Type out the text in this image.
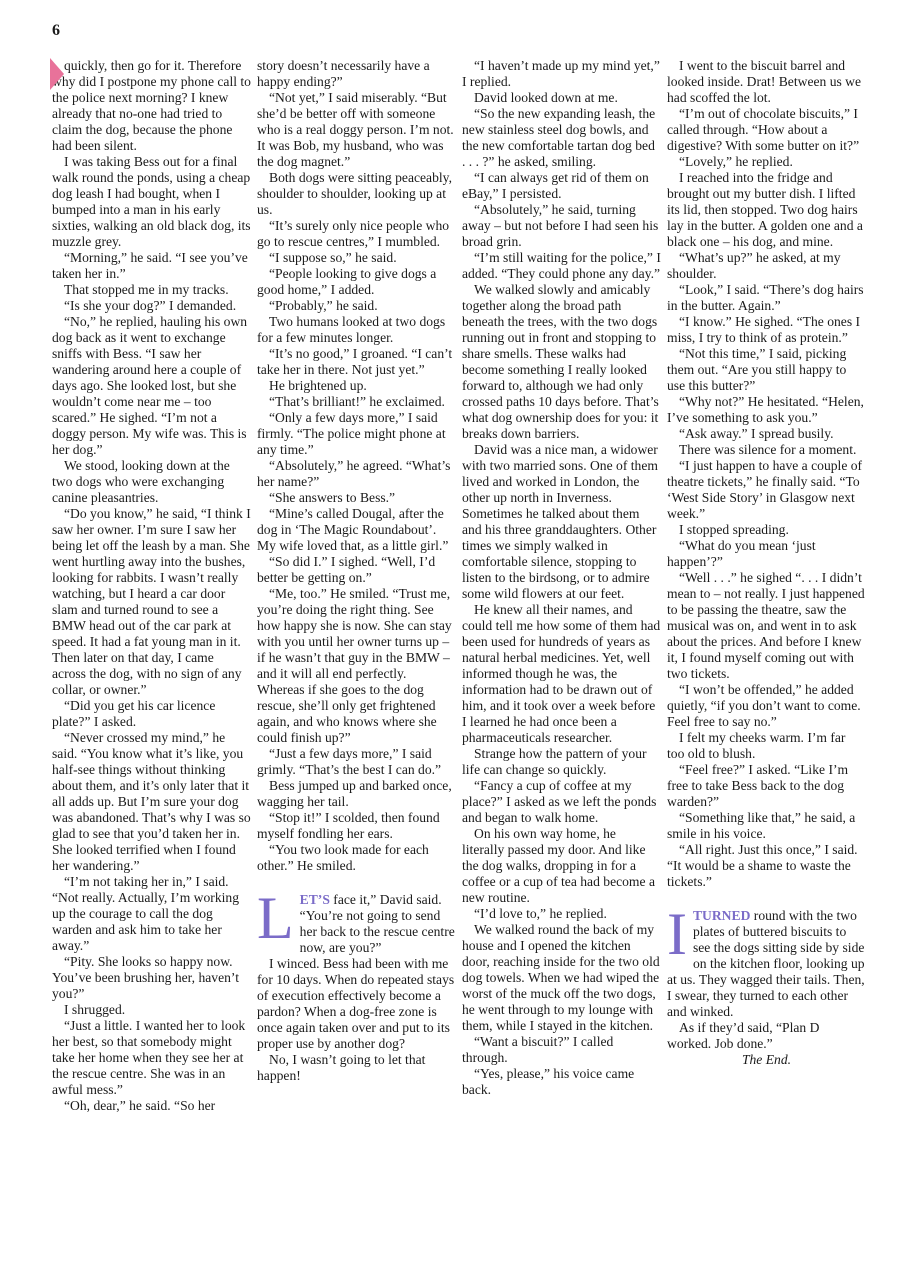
6

quickly, then go for it. Therefore why did I postpone my phone call to the police next morning? I knew already that no-one had tried to claim the dog, because the phone had been silent.

I was taking Bess out for a final walk round the ponds, using a cheap dog leash I had bought, when I bumped into a man in his early sixties, walking an old black dog, its muzzle grey.

“Morning,” he said. “I see you’ve taken her in.”

That stopped me in my tracks.

“Is she your dog?” I demanded.

“No,” he replied, hauling his own dog back as it went to exchange sniffs with Bess. “I saw her wandering around here a couple of days ago. She looked lost, but she wouldn’t come near me – too scared.” He sighed. “I’m not a doggy person. My wife was. This is her dog.”

We stood, looking down at the two dogs who were exchanging canine pleasantries.

“Do you know,” he said, “I think I saw her owner. I’m sure I saw her being let off the leash by a man. She went hurtling away into the bushes, looking for rabbits. I wasn’t really watching, but I heard a car door slam and turned round to see a BMW head out of the car park at speed. It had a fat young man in it. Then later on that day, I came across the dog, with no sign of any collar, or owner.”

“Did you get his car licence plate?” I asked.

“Never crossed my mind,” he said. “You know what it’s like, you half-see things without thinking about them, and it’s only later that it all adds up. But I’m sure your dog was abandoned. That’s why I was so glad to see that you’d taken her in. She looked terrified when I found her wandering.”

“I’m not taking her in,” I said. “Not really. Actually, I’m working up the courage to call the dog warden and ask him to take her away.”

“Pity. She looks so happy now. You’ve been brushing her, haven’t you?”

I shrugged.

“Just a little. I wanted her to look her best, so that somebody might take her home when they see her at the rescue centre. She was in an awful mess.”

“Oh, dear,” he said. “So her

story doesn’t necessarily have a happy ending?”

“Not yet,” I said miserably. “But she’d be better off with someone who is a real doggy person. I’m not. It was Bob, my husband, who was the dog magnet.”

Both dogs were sitting peaceably, shoulder to shoulder, looking up at us.

“It’s surely only nice people who go to rescue centres,” I mumbled.

“I suppose so,” he said.

“People looking to give dogs a good home,” I added.

“Probably,” he said.

Two humans looked at two dogs for a few minutes longer.

“It’s no good,” I groaned. “I can’t take her in there. Not just yet.”

He brightened up.

“That’s brilliant!” he exclaimed.

“Only a few days more,” I said firmly. “The police might phone at any time.”

“Absolutely,” he agreed. “What’s her name?”

“She answers to Bess.”

“Mine’s called Dougal, after the dog in ‘The Magic Roundabout’. My wife loved that, as a little girl.”

“So did I.” I sighed. “Well, I’d better be getting on.”

“Me, too.” He smiled. “Trust me, you’re doing the right thing. See how happy she is now. She can stay with you until her owner turns up – if he wasn’t that guy in the BMW – and it will all end perfectly. Whereas if she goes to the dog rescue, she’ll only get frightened again, and who knows where she could finish up?”

“Just a few days more,” I said grimly. “That’s the best I can do.”

Bess jumped up and barked once, wagging her tail.

“Stop it!” I scolded, then found myself fondling her ears.

“You two look made for each other.” He smiled.

LET’S face it,” David said. “You’re not going to send her back to the rescue centre now, are you?”

I winced. Bess had been with me for 10 days. When do repeated stays of execution effectively become a pardon? When a dog-free zone is once again taken over and put to its proper use by another dog?

No, I wasn’t going to let that happen!

“I haven’t made up my mind yet,” I replied.

David looked down at me.

“So the new expanding leash, the new stainless steel dog bowls, and the new comfortable tartan dog bed . . . ?” he asked, smiling.

“I can always get rid of them on eBay,” I persisted.

“Absolutely,” he said, turning away – but not before I had seen his broad grin.

“I’m still waiting for the police,” I added. “They could phone any day.”

We walked slowly and amicably together along the broad path beneath the trees, with the two dogs running out in front and stopping to share smells. These walks had become something I really looked forward to, although we had only crossed paths 10 days before. That’s what dog ownership does for you: it breaks down barriers.

David was a nice man, a widower with two married sons. One of them lived and worked in London, the other up north in Inverness. Sometimes he talked about them and his three granddaughters. Other times we simply walked in comfortable silence, stopping to listen to the birdsong, or to admire some wild flowers at our feet.

He knew all their names, and could tell me how some of them had been used for hundreds of years as natural herbal medicines. Yet, well informed though he was, the information had to be drawn out of him, and it took over a week before I learned he had once been a pharmaceuticals researcher.

Strange how the pattern of your life can change so quickly.

“Fancy a cup of coffee at my place?” I asked as we left the ponds and began to walk home.

On his own way home, he literally passed my door. And like the dog walks, dropping in for a coffee or a cup of tea had become a new routine.

“I’d love to,” he replied.

We walked round the back of my house and I opened the kitchen door, reaching inside for the two old dog towels. When we had wiped the worst of the muck off the two dogs, he went through to my lounge with them, while I stayed in the kitchen.

“Want a biscuit?” I called through.

“Yes, please,” his voice came back.

I went to the biscuit barrel and looked inside. Drat! Between us we had scoffed the lot.

“I’m out of chocolate biscuits,” I called through. “How about a digestive? With some butter on it?”

“Lovely,” he replied.

I reached into the fridge and brought out my butter dish. I lifted its lid, then stopped. Two dog hairs lay in the butter. A golden one and a black one – his dog, and mine.

“What’s up?” he asked, at my shoulder.

“Look,” I said. “There’s dog hairs in the butter. Again.”

“I know.” He sighed. “The ones I miss, I try to think of as protein.”

“Not this time,” I said, picking them out. “Are you still happy to use this butter?”

“Why not?” He hesitated. “Helen, I’ve something to ask you.”

“Ask away.” I spread busily.

There was silence for a moment.

“I just happen to have a couple of theatre tickets,” he finally said. “To ‘West Side Story’ in Glasgow next week.”

I stopped spreading.

“What do you mean ‘just happen’?”

“Well . . .” he sighed “. . . I didn’t mean to – not really. I just happened to be passing the theatre, saw the musical was on, and went in to ask about the prices. And before I knew it, I found myself coming out with two tickets.

“I won’t be offended,” he added quietly, “if you don’t want to come. Feel free to say no.”

I felt my cheeks warm. I’m far too old to blush.

“Feel free?” I asked. “Like I’m free to take Bess back to the dog warden?”

“Something like that,” he said, a smile in his voice.

“All right. Just this once,” I said. “It would be a shame to waste the tickets.”

ITURNED round with the two plates of buttered biscuits to see the dogs sitting side by side on the kitchen floor, looking up at us. They wagged their tails. Then, I swear, they turned to each other and winked.

As if they’d said, “Plan D worked. Job done.”

The End.
